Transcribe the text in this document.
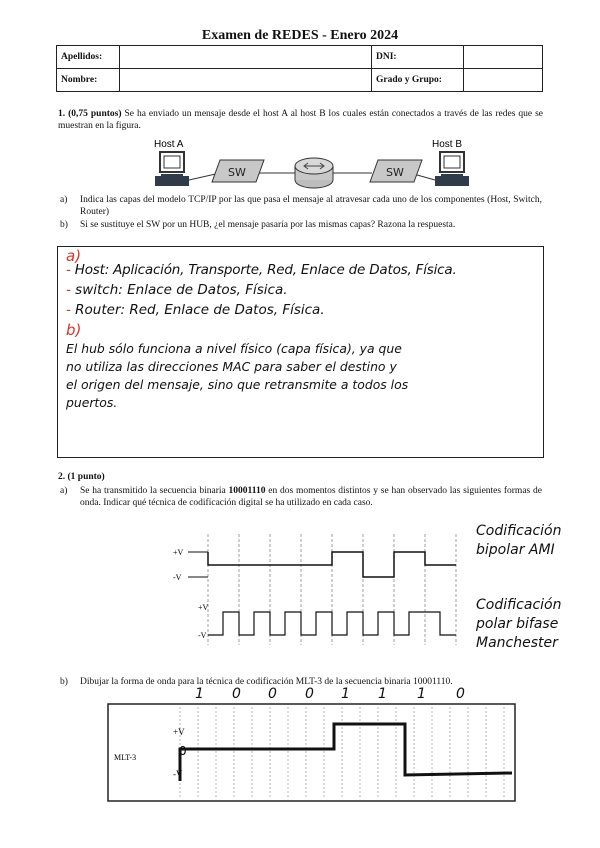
Examen de REDES - Enero 2024
Apellidos:		DNI:	
Nombre:		Grado y Grupo:	
1. (0,75 puntos) Se ha enviado un mensaje desde el host A al host B los cuales están conectados a través de las redes que se muestran en la figura.
Host A	Host B
SW	SW
a) Indica las capas del modelo TCP/IP por las que pasa el mensaje al atravesar cada uno de los componentes (Host, Switch, Router)
b) Si se sustituye el SW por un HUB, ¿el mensaje pasaría por las mismas capas? Razona la respuesta.
a)
- Host: Aplicación, Transporte, Red, Enlace de Datos, Física.
- switch: Enlace de Datos, Física.
- Router: Red, Enlace de Datos, Física.
b)
El hub sólo funciona a nivel físico (capa física), ya que
no utiliza las direcciones MAC para saber el destino y
el origen del mensaje, sino que retransmite a todos los
puertos.
2. (1 punto)
a) Se ha transmitido la secuencia binaria 10001110 en dos momentos distintos y se han observado las siguientes formas de onda. Indicar qué técnica de codificación digital se ha utilizado en cada caso.
+V
-V
+V
-V
Codificación
bipolar AMI
Codificación
polar bifase
Manchester
b) Dibujar la forma de onda para la técnica de codificación MLT-3 de la secuencia binaria 10001110.
1 0 0 0 1 1 1 0
+V
0
-V
MLT-3
